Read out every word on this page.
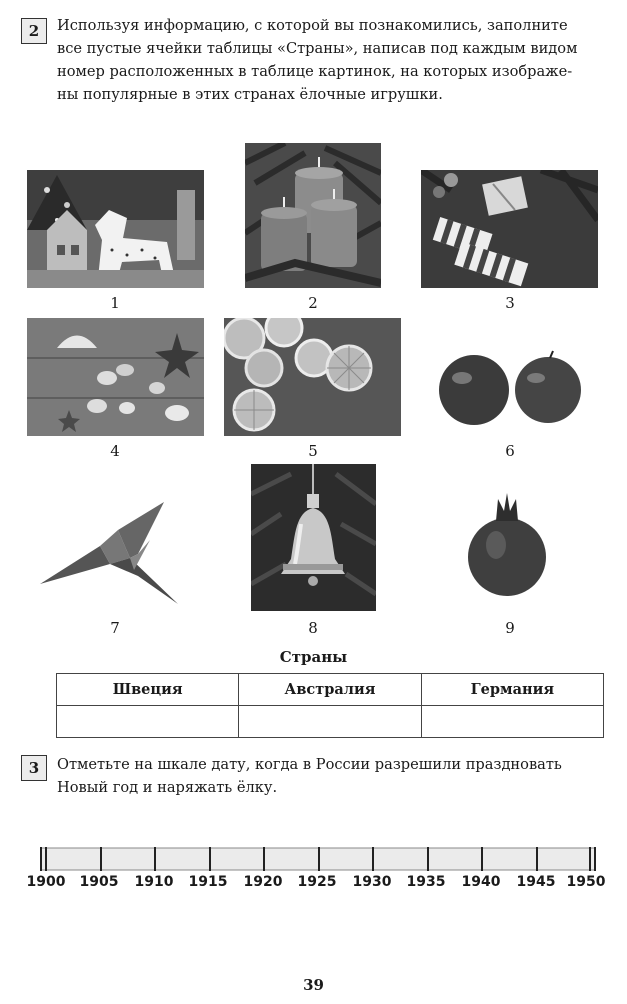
2	Используя информацию, с которой вы познакомились, заполните
все пустые ячейки таблицы «Страны», написав под каждым видом
номер расположенных в таблице картинок, на которых изображе-
ны популярные в этих странах ёлочные игрушки.
1	2	3
4	5	6
7	8	9
Страны
Швеция	Австралия	Германия

3	Отметьте на шкале дату, когда в России разрешили праздновать
Новый год и наряжать ёлку.
1900 1905 1910 1915 1920 1925 1930 1935 1940 1945 1950
39
